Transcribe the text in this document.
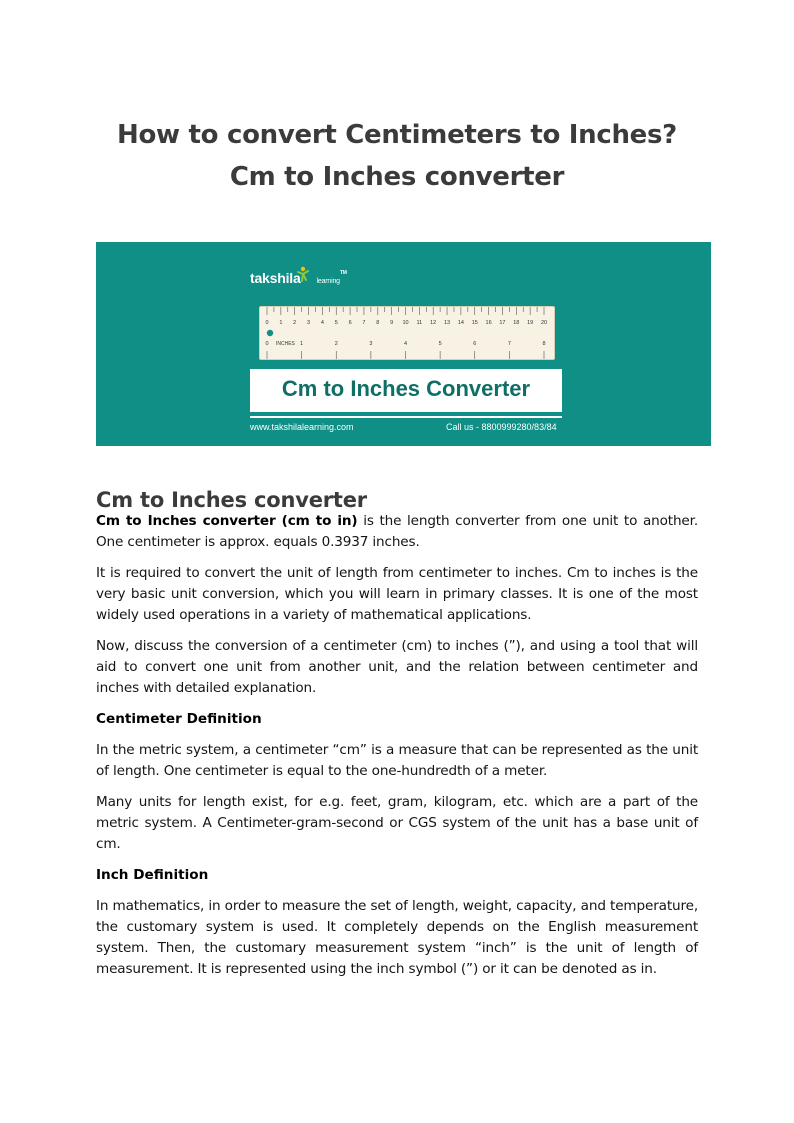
How to convert Centimeters to Inches?
Cm to Inches converter
takshila learning™
0 1 2 3 4 5 6 7 8 9 10 11 12 13 14 15 16 17 18 19 20
0	1	2	3	4	5	6	7	8
INCHES
Cm to Inches Converter
www.takshilalearning.com	Call us - 8800999280/83/84
Cm to Inches converter

Cm to Inches converter (cm to in) is the length converter from one unit to another. One centimeter is approx. equals 0.3937 inches.

It is required to convert the unit of length from centimeter to inches. Cm to inches is the very basic unit conversion, which you will learn in primary classes. It is one of the most widely used operations in a variety of mathematical applications.

Now, discuss the conversion of a centimeter (cm) to inches (”), and using a tool that will aid to convert one unit from another unit, and the relation between centimeter and inches with detailed explanation.

Centimeter Definition

In the metric system, a centimeter “cm” is a measure that can be represented as the unit of length. One centimeter is equal to the one-hundredth of a meter.

Many units for length exist, for e.g. feet, gram, kilogram, etc. which are a part of the metric system. A Centimeter-gram-second or CGS system of the unit has a base unit of cm.

Inch Definition

In mathematics, in order to measure the set of length, weight, capacity, and temperature, the customary system is used. It completely depends on the English measurement system. Then, the customary measurement system “inch” is the unit of length of measurement. It is represented using the inch symbol (”) or it can be denoted as in.
